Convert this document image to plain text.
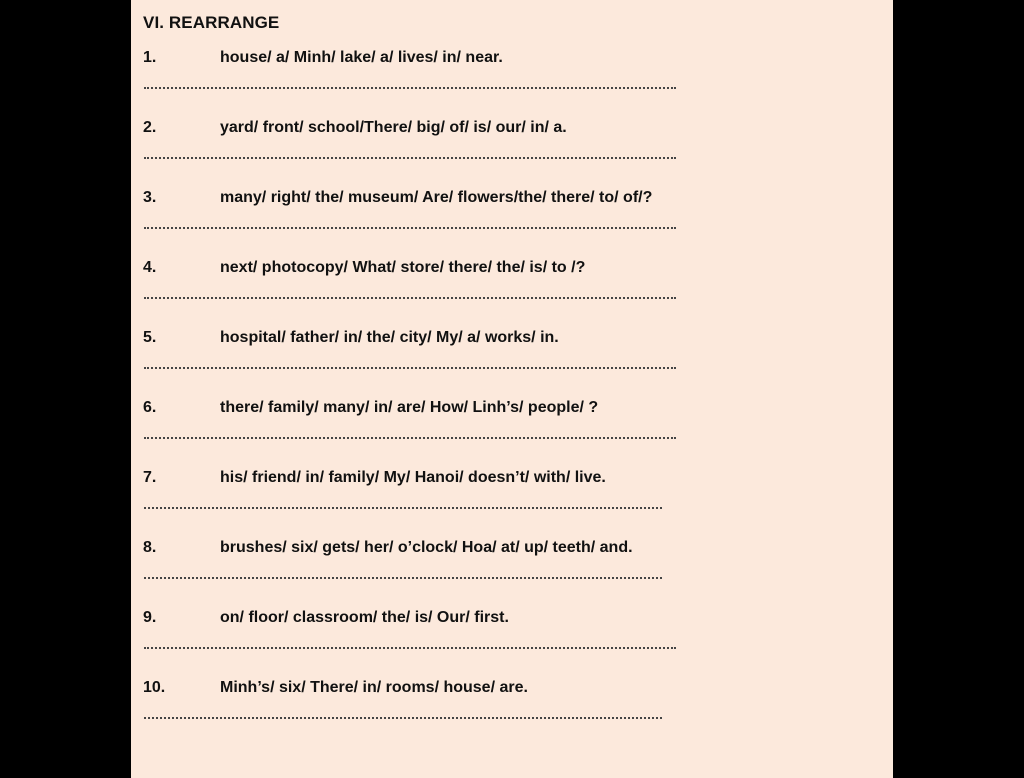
VI. REARRANGE
1.	house/ a/ Minh/ lake/ a/ lives/ in/ near.
2.	yard/ front/ school/There/ big/ of/ is/ our/ in/ a.
3.	many/ right/ the/ museum/ Are/ flowers/the/ there/ to/ of/?
4.	next/ photocopy/ What/ store/ there/ the/ is/ to /?
5.	hospital/ father/ in/ the/ city/ My/ a/ works/ in.
6.	there/ family/ many/ in/ are/ How/ Linh’s/ people/ ?
7.	his/ friend/ in/ family/ My/ Hanoi/ doesn’t/ with/ live.
8.	brushes/ six/ gets/ her/ o’clock/ Hoa/ at/ up/ teeth/ and.
9.	on/ floor/ classroom/ the/ is/ Our/ first.
10.	Minh’s/ six/ There/ in/ rooms/ house/ are.
